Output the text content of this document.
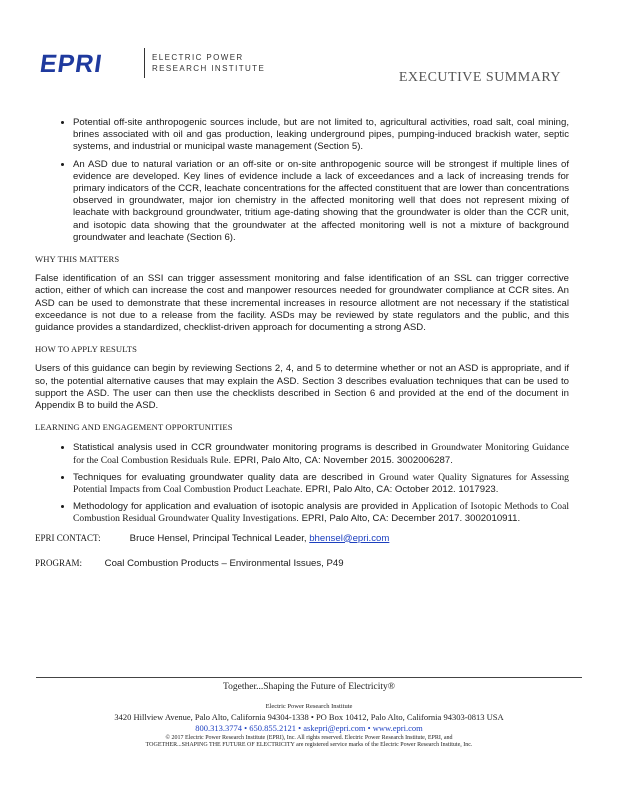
EPRI	ELECTRIC POWER
RESEARCH INSTITUTE
EXECUTIVE SUMMARY
• Potential off-site anthropogenic sources include, but are not limited to, agricultural activities, road salt, coal mining, brines associated with oil and gas production, leaking underground pipes, pumping-induced brackish water, septic systems, and industrial or municipal waste management (Section 5).
• An ASD due to natural variation or an off-site or on-site anthropogenic source will be strongest if multiple lines of evidence are developed. Key lines of evidence include a lack of exceedances and a lack of increasing trends for primary indicators of the CCR, leachate concentrations for the affected constituent that are lower than concentrations observed in groundwater, major ion chemistry in the affected monitoring well that does not represent mixing of leachate with background groundwater, tritium age-dating showing that the groundwater is older than the CCR unit, and isotopic data showing that the groundwater at the affected monitoring well is not a mixture of background groundwater and leachate (Section 6).
WHY THIS MATTERS

False identification of an SSI can trigger assessment monitoring and false identification of an SSL can trigger corrective action, either of which can increase the cost and manpower resources needed for groundwater compliance at CCR sites. An ASD can be used to demonstrate that these incremental increases in resource allotment are not necessary if the statistical exceedance is not due to a release from the facility. ASDs may be reviewed by state regulators and the public, and this guidance provides a standardized, checklist-driven approach for documenting a strong ASD.

HOW TO APPLY RESULTS

Users of this guidance can begin by reviewing Sections 2, 4, and 5 to determine whether or not an ASD is appropriate, and if so, the potential alternative causes that may explain the ASD. Section 3 describes evaluation techniques that can be used to support the ASD. The user can then use the checklists described in Section 6 and provided at the end of the document in Appendix B to build the ASD.

LEARNING AND ENGAGEMENT OPPORTUNITIES
• Statistical analysis used in CCR groundwater monitoring programs is described in Groundwater Monitoring Guidance for the Coal Combustion Residuals Rule. EPRI, Palo Alto, CA: November 2015. 3002006287.
• Techniques for evaluating groundwater quality data are described in Ground water Quality Signatures for Assessing Potential Impacts from Coal Combustion Product Leachate. EPRI, Palo Alto, CA: October 2012. 1017923.
• Methodology for application and evaluation of isotopic analysis are provided in Application of Isotopic Methods to Coal Combustion Residual Groundwater Quality Investigations. EPRI, Palo Alto, CA: December 2017. 3002010911.
EPRI CONTACT:	Bruce Hensel, Principal Technical Leader, bhensel@epri.com
PROGRAM: Coal Combustion Products – Environmental Issues, P49
Together...Shaping the Future of Electricity®
Electric Power Research Institute
3420 Hillview Avenue, Palo Alto, California 94304-1338 • PO Box 10412, Palo Alto, California 94303-0813 USA
800.313.3774 • 650.855.2121 • askepri@epri.com • www.epri.com
© 2017 Electric Power Research Institute (EPRI), Inc. All rights reserved. Electric Power Research Institute, EPRI, and
TOGETHER...SHAPING THE FUTURE OF ELECTRICITY are registered service marks of the Electric Power Research Institute, Inc.
